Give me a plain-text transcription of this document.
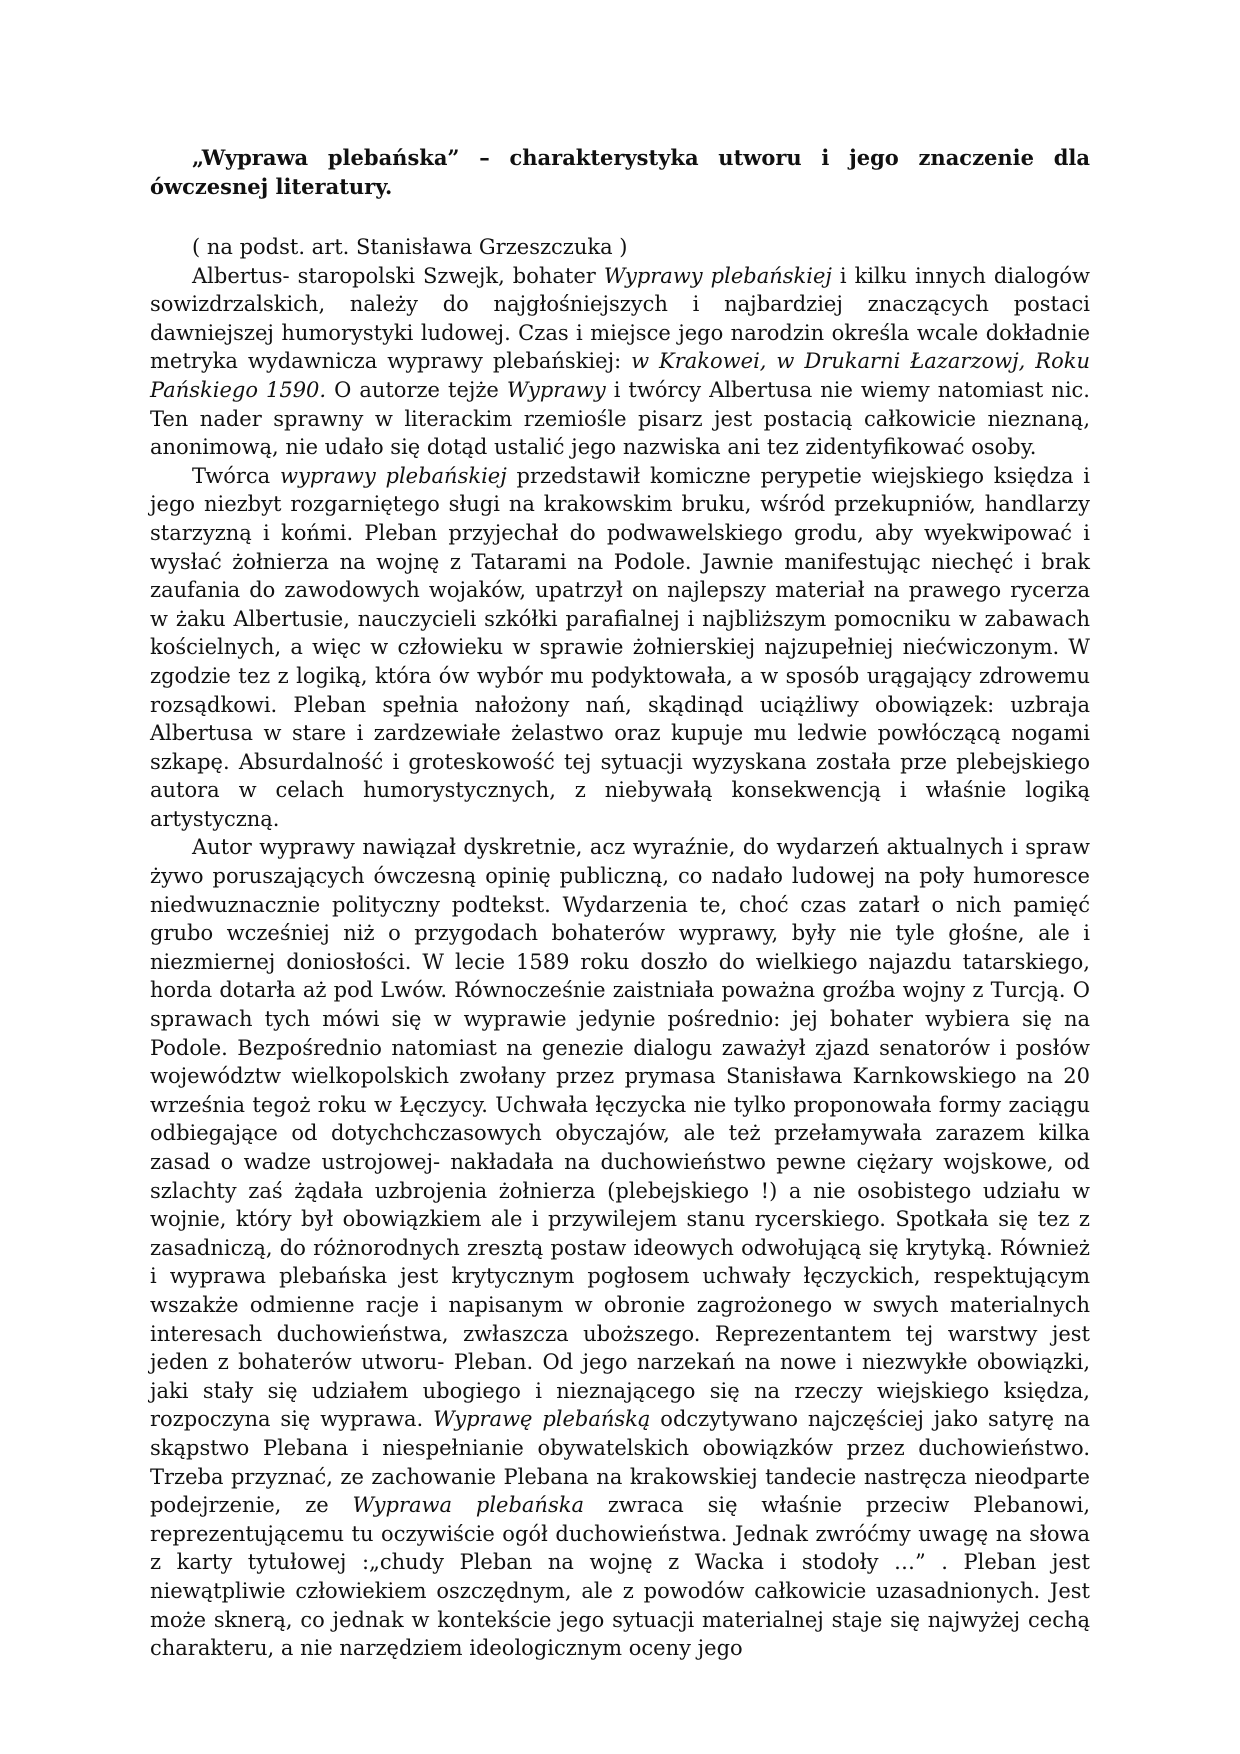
„Wyprawa plebańska” – charakterystyka utworu i jego znaczenie dla ówczesnej literatury.

( na podst. art. Stanisława Grzeszczuka )

Albertus- staropolski Szwejk, bohater Wyprawy plebańskiej i kilku innych dialogów sowizdrzalskich, należy do najgłośniejszych i najbardziej znaczących postaci dawniejszej humorystyki ludowej. Czas i miejsce jego narodzin określa wcale dokładnie metryka wydawnicza wyprawy plebańskiej: w Krakowei, w Drukarni Łazarzowj, Roku Pańskiego 1590. O autorze tejże Wyprawy i twórcy Albertusa nie wiemy natomiast nic. Ten nader sprawny w literackim rzemiośle pisarz jest postacią całkowicie nieznaną, anonimową, nie udało się dotąd ustalić jego nazwiska ani tez zidentyfikować osoby.

Twórca wyprawy plebańskiej przedstawił komiczne perypetie wiejskiego księdza i jego niezbyt rozgarniętego sługi na krakowskim bruku, wśród przekupniów, handlarzy starzyzną i końmi. Pleban przyjechał do podwawelskiego grodu, aby wyekwipować i wysłać żołnierza na wojnę z Tatarami na Podole. Jawnie manifestując niechęć i brak zaufania do zawodowych wojaków, upatrzył on najlepszy materiał na prawego rycerza w żaku Albertusie, nauczycieli szkółki parafialnej i najbliższym pomocniku w zabawach kościelnych, a więc w człowieku w sprawie żołnierskiej najzupełniej niećwiczonym. W zgodzie tez z logiką, która ów wybór mu podyktowała, a w sposób urągający zdrowemu rozsądkowi. Pleban spełnia nałożony nań, skądinąd uciążliwy obowiązek: uzbraja Albertusa w stare i zardzewiałe żelastwo oraz kupuje mu ledwie powłóczącą nogami szkapę. Absurdalność i groteskowość tej sytuacji wyzyskana została prze plebejskiego autora w celach humorystycznych, z niebywałą konsekwencją i właśnie logiką artystyczną.

Autor wyprawy nawiązał dyskretnie, acz wyraźnie, do wydarzeń aktualnych i spraw żywo poruszających ówczesną opinię publiczną, co nadało ludowej na poły humoresce niedwuznacznie polityczny podtekst. Wydarzenia te, choć czas zatarł o nich pamięć grubo wcześniej niż o przygodach bohaterów wyprawy, były nie tyle głośne, ale i niezmiernej doniosłości. W lecie 1589 roku doszło do wielkiego najazdu tatarskiego, horda dotarła aż pod Lwów. Równocześnie zaistniała poważna groźba wojny z Turcją. O sprawach tych mówi się w wyprawie jedynie pośrednio: jej bohater wybiera się na Podole. Bezpośrednio natomiast na genezie dialogu zaważył zjazd senatorów i posłów województw wielkopolskich zwołany przez prymasa Stanisława Karnkowskiego na 20 września tegoż roku w Łęczycy. Uchwała łęczycka nie tylko proponowała formy zaciągu odbiegające od dotychchczasowych obyczajów, ale też przełamywała zarazem kilka zasad o wadze ustrojowej- nakładała na duchowieństwo pewne ciężary wojskowe, od szlachty zaś żądała uzbrojenia żołnierza (plebejskiego !) a nie osobistego udziału w wojnie, który był obowiązkiem ale i przywilejem stanu rycerskiego. Spotkała się tez z zasadniczą, do różnorodnych zresztą postaw ideowych odwołującą się krytyką. Również i wyprawa plebańska jest krytycznym pogłosem uchwały łęczyckich, respektującym wszakże odmienne racje i napisanym w obronie zagrożonego w swych materialnych interesach duchowieństwa, zwłaszcza uboższego. Reprezentantem tej warstwy jest jeden z bohaterów utworu- Pleban. Od jego narzekań na nowe i niezwykłe obowiązki, jaki stały się udziałem ubogiego i nieznającego się na rzeczy wiejskiego księdza, rozpoczyna się wyprawa. Wyprawę plebańską odczytywano najczęściej jako satyrę na skąpstwo Plebana i niespełnianie obywatelskich obowiązków przez duchowieństwo. Trzeba przyznać, ze zachowanie Plebana na krakowskiej tandecie nastręcza nieodparte podejrzenie, ze Wyprawa plebańska zwraca się właśnie przeciw Plebanowi, reprezentującemu tu oczywiście ogół duchowieństwa. Jednak zwróćmy uwagę na słowa z karty tytułowej :„chudy Pleban na wojnę z Wacka i stodoły …” . Pleban jest niewątpliwie człowiekiem oszczędnym, ale z powodów całkowicie uzasadnionych. Jest może sknerą, co jednak w kontekście jego sytuacji materialnej staje się najwyżej cechą charakteru, a nie narzędziem ideologicznym oceny jego
